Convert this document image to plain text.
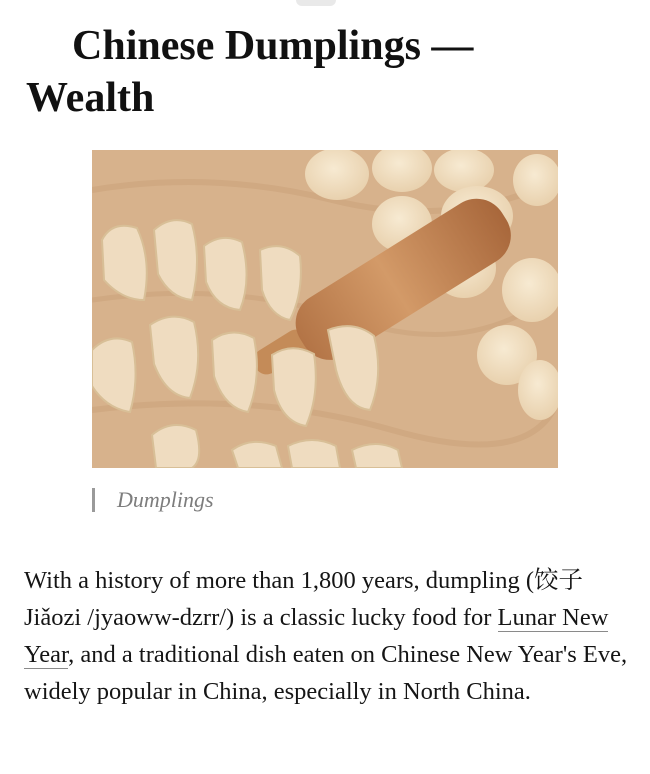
Chinese Dumplings —
Wealth
Dumplings

With a history of more than 1,800 years, dumpling (饺子 Jiǎozi /jyaoww-dzrr/) is a classic lucky food for Lunar New Year, and a traditional dish eaten on Chinese New Year's Eve, widely popular in China, especially in North China.
